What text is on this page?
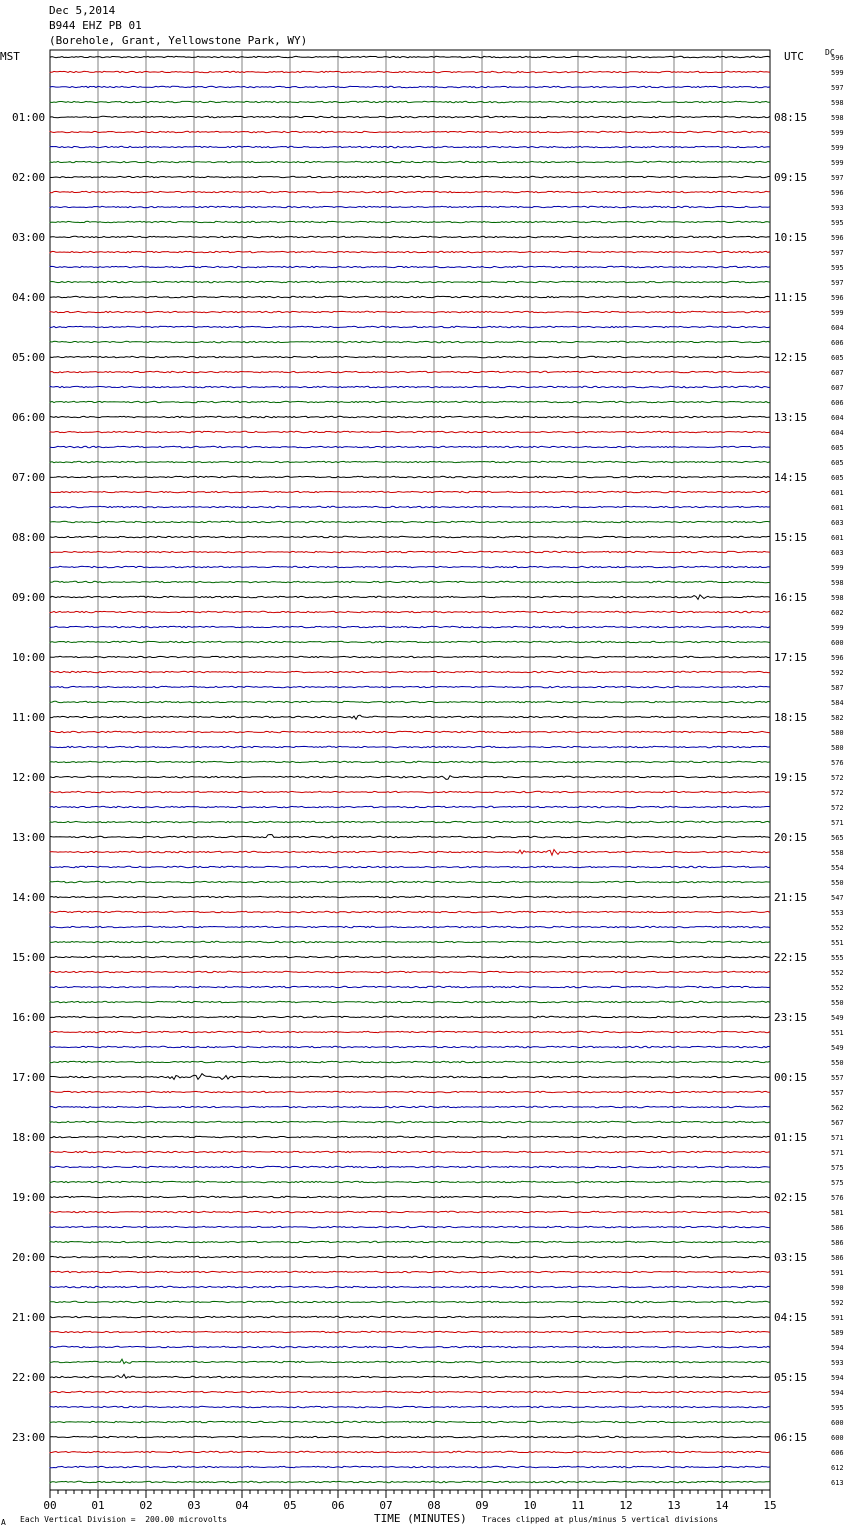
Dec 5,2014
B944 EHZ PB 01
(Borehole, Grant, Yellowstone Park, WY)
MST	UTC	DC
596
599
597
598
598
599
599
599
597
596
593
595
596
597
595
597
596
599
604
606
605
607
607
606
604
604
605
605
605
601
601
603
601
603
599
598
598
602
599
600
596
592
587
584
582
580
580
576
572
572
572
571
565
558
554
550
547
553
552
551
555
552
552
550
549
551
549
550
557
557
562
567
571
571
575
575
576
581
586
586
586
591
590
592
591
589
594
593
594
594
595
600
600
606
612
613
01:00
02:00
03:00
04:00
05:00
06:00
07:00
08:00
09:00
10:00
11:00
12:00
13:00
14:00
15:00
16:00
17:00
18:00
19:00
20:00
21:00
22:00
23:00
08:15
09:15
10:15
11:15
12:15
13:15
14:15
15:15
16:15
17:15
18:15
19:15
20:15
21:15
22:15
23:15
00:15
01:15
02:15
03:15
04:15
05:15
06:15
00	01	02	03	04	05	06	07	08	09	10	11	12	13	14	15
A Each Vertical Division =  200.00 microvolts	TIME (MINUTES) Traces clipped at plus/minus 5 vertical divisions
